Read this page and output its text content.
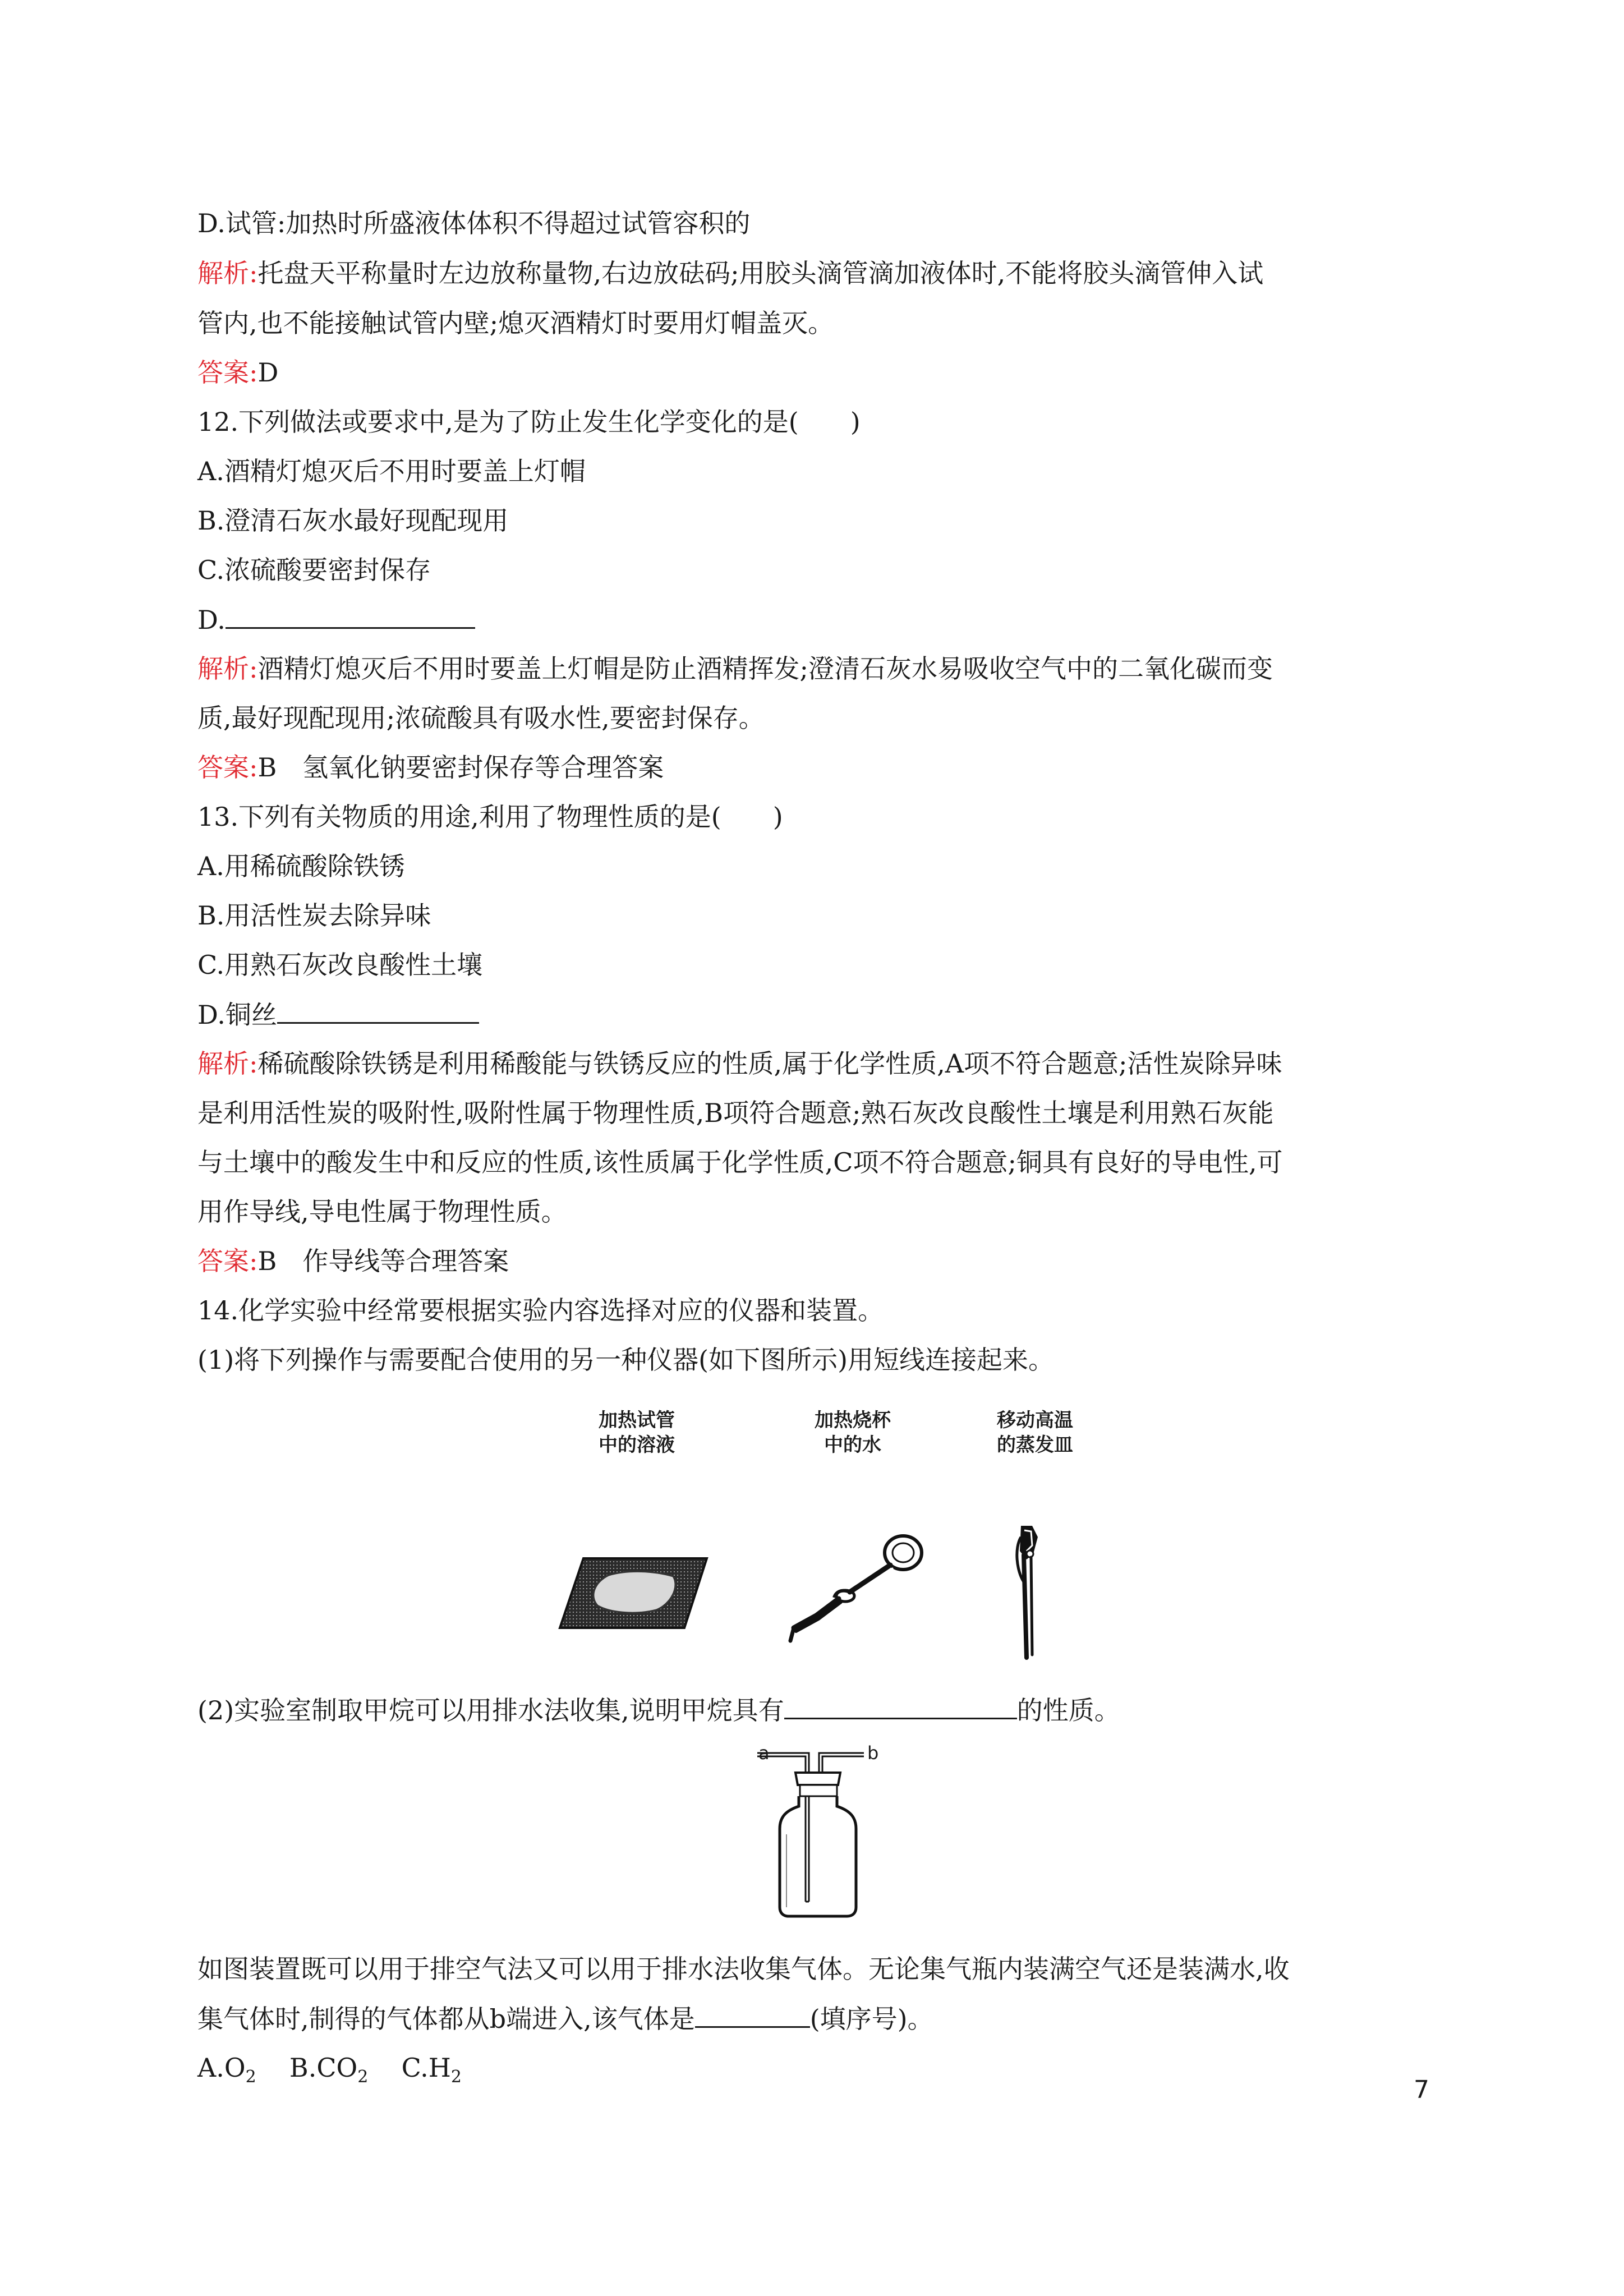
D.试管:加热时所盛液体体积不得超过试管容积的
解析:托盘天平称量时左边放称量物,右边放砝码;用胶头滴管滴加液体时,不能将胶头滴管伸入试
管内,也不能接触试管内壁;熄灭酒精灯时要用灯帽盖灭。
答案:D
12.下列做法或要求中,是为了防止发生化学变化的是(　　)
A.酒精灯熄灭后不用时要盖上灯帽
B.澄清石灰水最好现配现用
C.浓硫酸要密封保存
D.
解析:酒精灯熄灭后不用时要盖上灯帽是防止酒精挥发;澄清石灰水易吸收空气中的二氧化碳而变
质,最好现配现用;浓硫酸具有吸水性,要密封保存。
答案:B　氢氧化钠要密封保存等合理答案
13.下列有关物质的用途,利用了物理性质的是(　　)
A.用稀硫酸除铁锈
B.用活性炭去除异味
C.用熟石灰改良酸性土壤
D.铜丝
解析:稀硫酸除铁锈是利用稀酸能与铁锈反应的性质,属于化学性质,A项不符合题意;活性炭除异味
是利用活性炭的吸附性,吸附性属于物理性质,B项符合题意;熟石灰改良酸性土壤是利用熟石灰能
与土壤中的酸发生中和反应的性质,该性质属于化学性质,C项不符合题意;铜具有良好的导电性,可
用作导线,导电性属于物理性质。
答案:B　作导线等合理答案
14.化学实验中经常要根据实验内容选择对应的仪器和装置。
(1)将下列操作与需要配合使用的另一种仪器(如下图所示)用短线连接起来。
加热试管
中的溶液
加热烧杯
中的水
移动高温
的蒸发皿
(2)实验室制取甲烷可以用排水法收集,说明甲烷具有	的性质。
a	b
如图装置既可以用于排空气法又可以用于排水法收集气体。无论集气瓶内装满空气还是装满水,收
集气体时,制得的气体都从b端进入,该气体是	(填序号)。
$A.O_2$ $B.CO_2$ $C.H_2$	7
